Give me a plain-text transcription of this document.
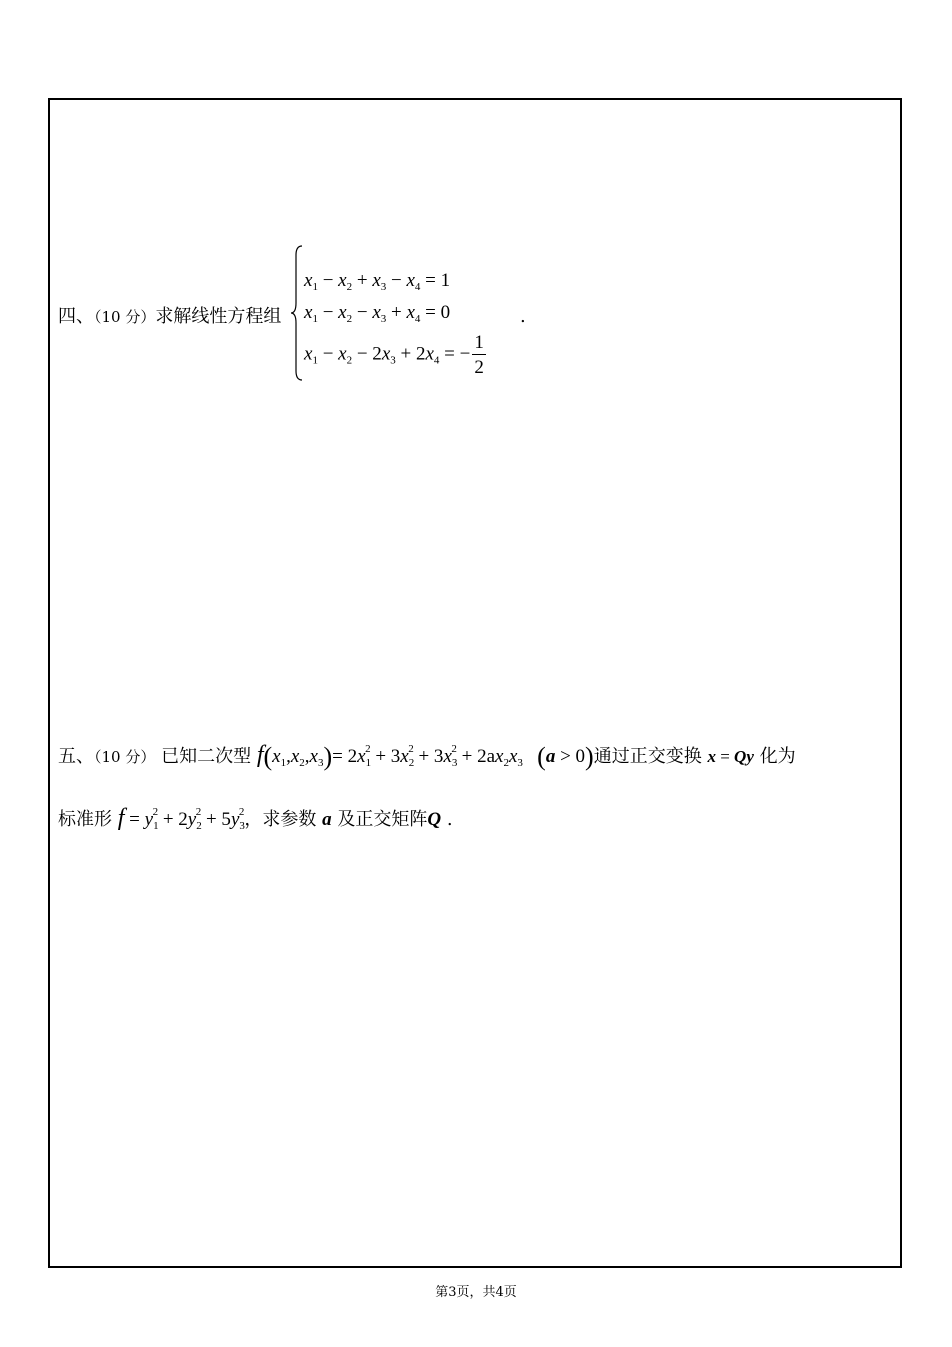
四、（10 分）求解线性方程组
$x_1 - x_2 + x_3 - x_4 = 1$
$x_1 - x_2 - x_3 + x_4 = 0$
$x_1 - x_2 - 2x_3 + 2x_4$ = − $\frac{1}{2}$
.
五、（10 分） 已知二次型 $f(x_1,x_2,x_3)= 2x_1^2 + 3x_2^2 + 3x_3^2 + 2ax_2x_3$ (a > 0)通过正交变换 x = Qy 化为
标准形 $f = y_1^2 + 2y_2^2 + 5y_3^2$，求参数 a 及正交矩阵Q .
第3页，共4页
